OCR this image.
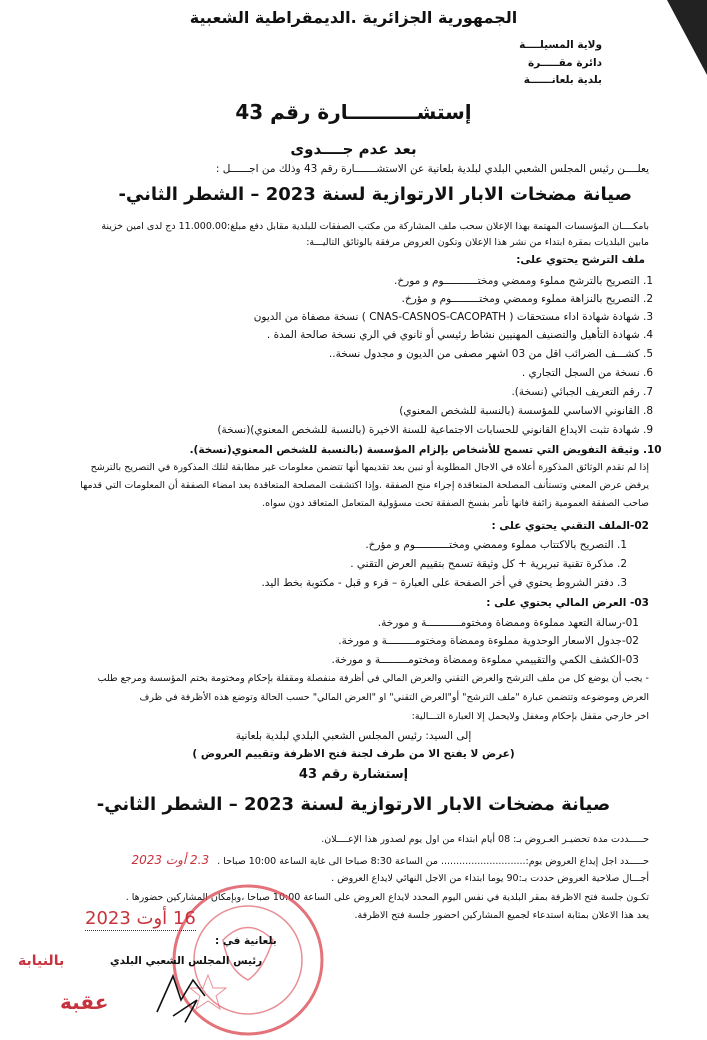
الجمهورية الجزائرية .الديمقراطية الشعبية
ولاية المسيلــــة
دائرة مقـــــرة
بلدية بلعانــــــة
إستشــــــــــارة رقم 43
بعد عدم جــــدوى
يعلــــن رئيس المجلس الشعبي البلدي لبلدية بلعانية عن الاستشـــــــارة رقم 43 وذلك من اجــــــل :
صيانة مضخات الابار الارتوازية لسنة 2023 – الشطر الثاني-
بامكــــان المؤسسات المهتمة بهذا الإعلان سحب ملف المشاركة من مكتب الصفقات للبلدية مقابل دفع مبلغ:11.000.00 دج لدى امين خزينة
مابين البلديات بمقرة ابتداء من نشر هذا الإعلان وتكون العروض مرفقة بالوثائق التاليـــة:
ملف الترشح يحتوي على:
1. التصريح بالترشح مملوء وممضي ومختـــــــــــوم و مورخ.
2. التصريح بالنزاهة مملوء وممضي ومختـــــــــوم و مؤرخ.
3. شهادة شهادة اداء مستحقات ( CNAS-CASNOS-CACOPATH ) نسخة مصفاة من الديون
4. شهادة التأهيل والتصنيف المهنيين نشاط رئيسي أو ثانوي في الري نسخة صالحة المدة .
5. كشـــف الضرائب اقل من 03 اشهر مصفى من الديون و مجدول نسخة..
6. نسخة من السجل التجاري .
7. رقم التعريف الجبائي (نسخة).
8. القانوني الاساسي للمؤسسة (بالنسبة للشخص المعنوي)
9. شهادة تثبت الايداع القانوني للحسابات الاجتماعية للسنة الاخيرة (بالنسبة للشخص المعنوي)(نسخة)
10. وثيقة التفويض التي تسمح للأشخاص بإلزام المؤسسة (بالنسبة للشخص المعنوي(نسخة).
إذا لم تقدم الوثائق المذكورة أعلاه في الاجال المطلوبة أو تبين بعد تقديمها أنها تتضمن معلومات غير مطابقة لتلك المذكورة في التصريح بالترشح
يرفض عرض المعني وتستأنف المصلحة المتعاقدة إجراء منح الصفقة .وإذا اكتشفت المصلحة المتعاقدة بعد امضاء الصفقة أن المعلومات التي قدمها
صاحب الصفقة العمومية زائفة فانها تأمر بفسخ الصفقة تحت مسؤولية المتعامل المتعاقد دون سواه.
02-الملف التقني يحتوي على :
1. التصريح بالاكتتاب مملوء وممضي ومختـــــــــــوم و مؤرخ.
2. مذكرة تقنية تبريرية + كل وثيقة تسمح بتقييم العرض التقني .
3. دفتر الشروط يحتوي في أخر الصفحة على العبارة – قرء و قبل - مكتوبة بخط اليد.
03- العرض المالي يحتوي على :
01-رسالة التعهد مملوءة وممضاة ومختومـــــــــــة و مورخة.
02-جدول الاسعار الوحدوية مملوءة وممضاة ومختومـــــــــة و مورخة.
03-الكشف الكمي والتقييمي مملوءة وممضاة ومختومـــــــــة و مورخة.
- يجب أن يوضع كل من ملف الترشح والعرض التقني والعرض المالي في أظرفة منفصلة ومقفلة بإحكام ومختومة بختم المؤسسة ومرجع طلب
العرض وموضوعه وتتضمن عبارة "ملف الترشح" أو"العرض التقني" او "العرض المالي" حسب الحالة وتوضع هذه الأظرفة في ظرف
اخر خارجي مقفل بإحكام ومغفل ولايحمل إلا العبارة التـــالية:
إلى السيد: رئيس المجلس الشعبي البلدي لبلدية بلعانية
(عرض لا يفتح الا من طرف لجنة فتح الاظرفة وتقييم العروض )
إستشارة رقم 43
صيانة مضخات الابار الارتوازية لسنة 2023 – الشطر الثاني-
حـــــددت مدة تحضيـر العـروض بـ: 08 أيام ابتداء من اول يوم لصدور هذا الإعــــلان.
حـــــدد اجل إيداع العروض يوم:............................ من الساعة 8:30 صباحا الى غاية الساعة 10:00 صباحا .2.3 أوت 2023
أجـــال صلاحية العروض حددت بـ:90 يوما ابتداء من الاجل النهائي لايداع العروض .
تكـون جلسة فتح الاظرفة بمقر البلدية في نفس اليوم المحدد لايداع العروض على الساعة 10:00 صباحا ،وبإمكان المشاركين حضورها .
يعد هذا الاعلان بمثابة استدعاء لجميع المشاركين احضور جلسة فتح الاظرفة.
16 أوت 2023
بلعانية في :
رئيس المجلس الشعبي البلدي
بالنيابة
عقبة
